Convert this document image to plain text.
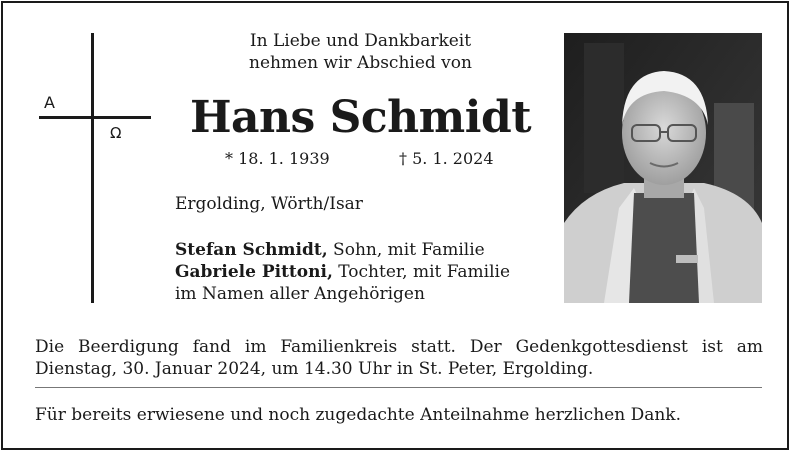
A
Ω
In Liebe und Dankbarkeit
nehmen wir Abschied von
Hans Schmidt
* 18. 1. 1939	† 5. 1. 2024
Ergolding, Wörth/Isar
Stefan Schmidt, Sohn, mit Familie
Gabriele Pittoni, Tochter, mit Familie
im Namen aller Angehörigen
Die Beerdigung fand im Familienkreis statt. Der Gedenkgottesdienst ist am Dienstag, 30. Januar 2024, um 14.30 Uhr in St. Peter, Ergolding.
Für bereits erwiesene und noch zugedachte Anteilnahme herzlichen Dank.
